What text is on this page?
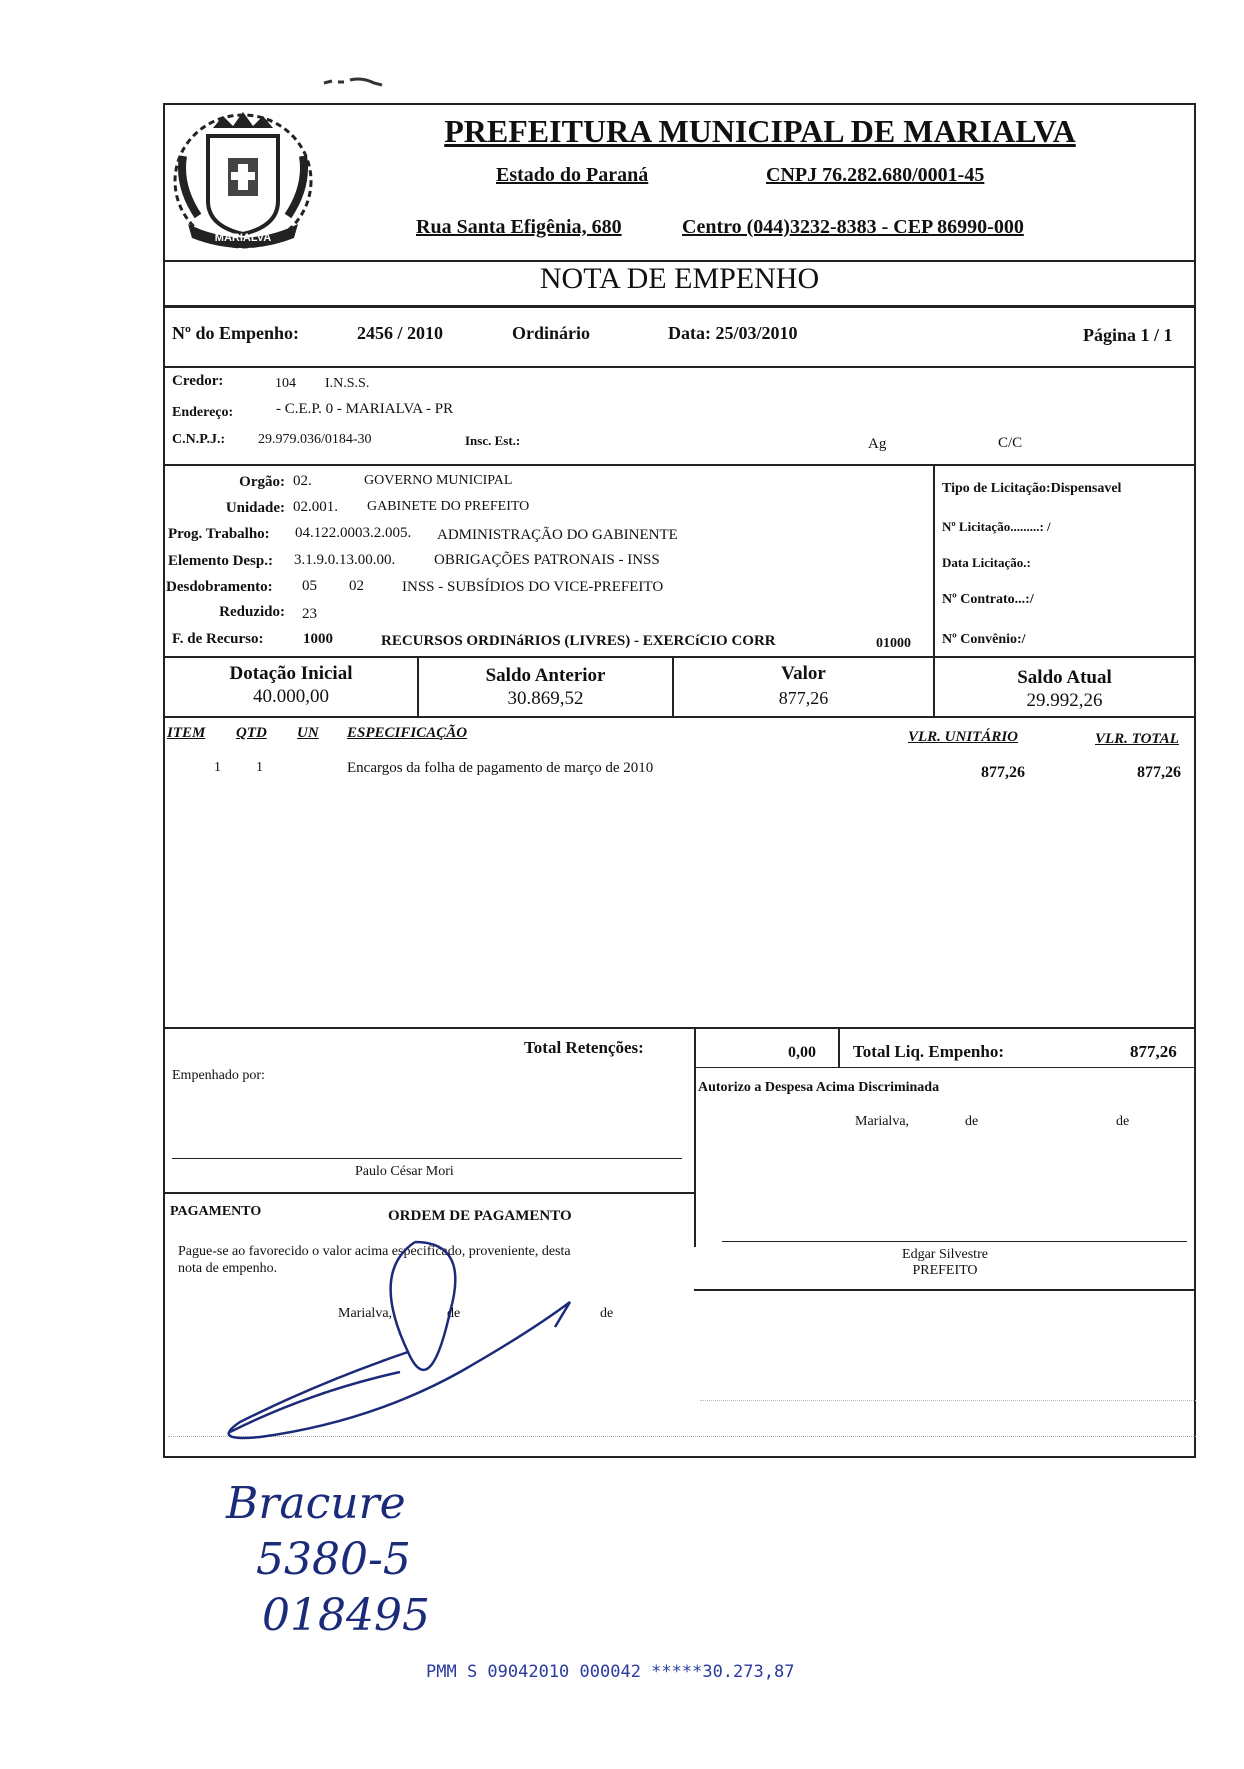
MARIALVA
PREFEITURA MUNICIPAL DE MARIALVA
Estado do Paraná	CNPJ 76.282.680/0001-45
Rua Santa Efigênia, 680	Centro (044)3232-8383 - CEP 86990-000
NOTA DE EMPENHO
Nº do Empenho:	2456 / 2010	Ordinário	Data: 25/03/2010	Página 1 / 1
Credor:	104 I.N.S.S.
Endereço:	- C.E.P. 0 - MARIALVA - PR
C.N.P.J.: 29.979.036/0184-30	Insc. Est.:	Ag	C/C
Orgão: 02.	GOVERNO MUNICIPAL
Unidade: 02.001. GABINETE DO PREFEITO
Prog. Trabalho: 04.122.0003.2.005. ADMINISTRAÇÃO DO GABINENTE
Elemento Desp.: 3.1.9.0.13.00.00.	OBRIGAÇÕES PATRONAIS - INSS
Desdobramento: 05 02	INSS - SUBSÍDIOS DO VICE-PREFEITO
Reduzido: 23
F. de Recurso:	1000	RECURSOS ORDINáRIOS (LIVRES) - EXERCíCIO CORR	01000
Tipo de Licitação:Dispensavel
Nº Licitação.........: /
Data Licitação.:
Nº Contrato...:/
Nº Convênio:/
Dotação Inicial
40.000,00
Saldo Anterior
30.869,52
Valor
877,26
Saldo Atual
29.992,26
ITEM QTD UN ESPECIFICAÇÃO	VLR. UNITÁRIO	VLR. TOTAL
1	1	Encargos da folha de pagamento de março de 2010	877,26	877,26
Total Retenções:	0,00 Total Liq. Empenho:	877,26
Empenhado por:
Paulo César Mori
Autorizo a Despesa Acima Discriminada
Marialva,	de	de
Edgar Silvestre
PREFEITO
PAGAMENTO	ORDEM DE PAGAMENTO
Pague-se ao favorecido o valor acima especificado, proveniente, desta
nota de empenho.
Marialva,	de	de
Bracure
5380-5
018495
PMM S 09042010 000042 *****30.273,87
